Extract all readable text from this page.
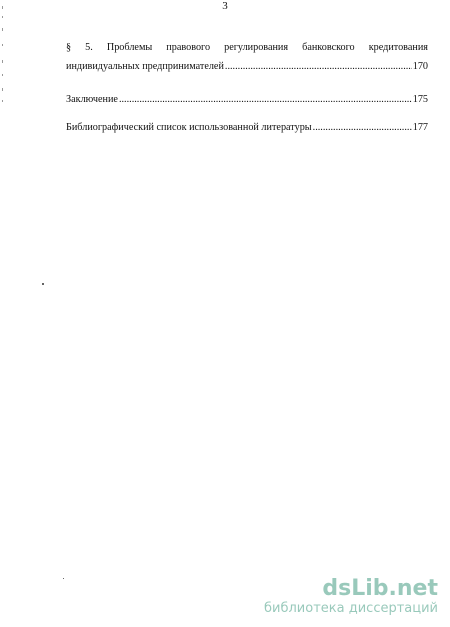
3
§ 5. Проблемы правового регулирования банковского кредитования
индивидуальных предпринимателей .....	170
Заключение .....	175
Библиографический список использованной литературы .....	177
dsLib.net
библиотека диссертаций
